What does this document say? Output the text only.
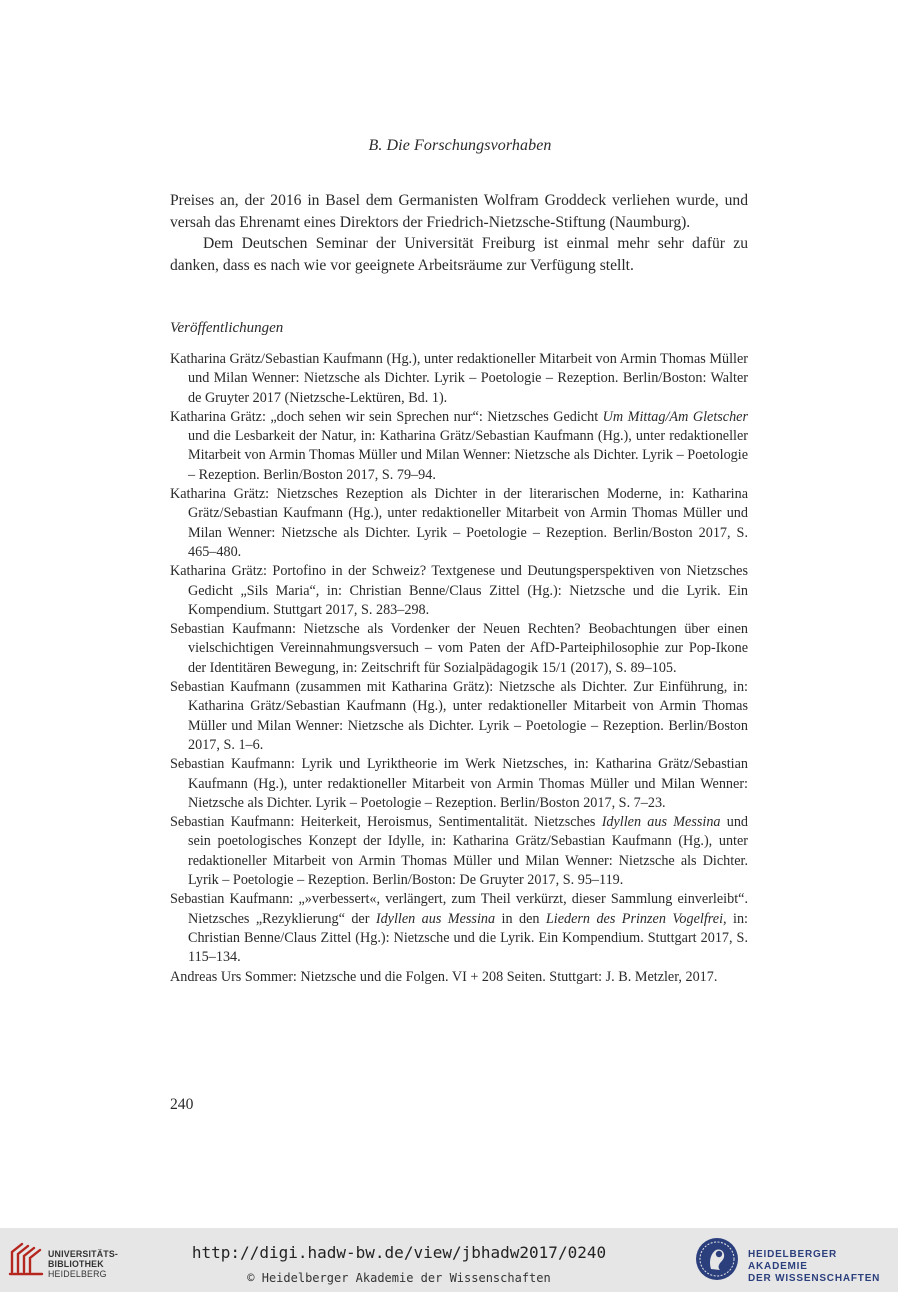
B. Die Forschungsvorhaben

Preises an, der 2016 in Basel dem Germanisten Wolfram Groddeck verliehen wurde, und versah das Ehrenamt eines Direktors der Friedrich-Nietzsche-Stiftung (Naumburg).

Dem Deutschen Seminar der Universität Freiburg ist einmal mehr sehr dafür zu danken, dass es nach wie vor geeignete Arbeitsräume zur Verfügung stellt.

Veröffentlichungen

Katharina Grätz/Sebastian Kaufmann (Hg.), unter redaktioneller Mitarbeit von Armin Thomas Müller und Milan Wenner: Nietzsche als Dichter. Lyrik – Poetologie – Rezeption. Berlin/Boston: Walter de Gruyter 2017 (Nietzsche-Lektüren, Bd. 1).

Katharina Grätz: „doch sehen wir sein Sprechen nur“: Nietzsches Gedicht Um Mittag/Am Gletscher und die Lesbarkeit der Natur, in: Katharina Grätz/Sebastian Kaufmann (Hg.), unter redaktioneller Mitarbeit von Armin Thomas Müller und Milan Wenner: Nietzsche als Dichter. Lyrik – Poetologie – Rezeption. Berlin/Boston 2017, S. 79–94.

Katharina Grätz: Nietzsches Rezeption als Dichter in der literarischen Moderne, in: Katharina Grätz/Sebastian Kaufmann (Hg.), unter redaktioneller Mitarbeit von Armin Thomas Müller und Milan Wenner: Nietzsche als Dichter. Lyrik – Poetologie – Rezeption. Berlin/Boston 2017, S. 465–480.

Katharina Grätz: Portofino in der Schweiz? Textgenese und Deutungsperspektiven von Nietzsches Gedicht „Sils Maria“, in: Christian Benne/Claus Zittel (Hg.): Nietzsche und die Lyrik. Ein Kompendium. Stuttgart 2017, S. 283–298.

Sebastian Kaufmann: Nietzsche als Vordenker der Neuen Rechten? Beobachtungen über einen vielschichtigen Vereinnahmungsversuch – vom Paten der AfD-Parteiphilosophie zur Pop-Ikone der Identitären Bewegung, in: Zeitschrift für Sozialpädagogik 15/1 (2017), S. 89–105.

Sebastian Kaufmann (zusammen mit Katharina Grätz): Nietzsche als Dichter. Zur Einführung, in: Katharina Grätz/Sebastian Kaufmann (Hg.), unter redaktioneller Mitarbeit von Armin Thomas Müller und Milan Wenner: Nietzsche als Dichter. Lyrik – Poetologie – Rezeption. Berlin/Boston 2017, S. 1–6.

Sebastian Kaufmann: Lyrik und Lyriktheorie im Werk Nietzsches, in: Katharina Grätz/Sebastian Kaufmann (Hg.), unter redaktioneller Mitarbeit von Armin Thomas Müller und Milan Wenner: Nietzsche als Dichter. Lyrik – Poetologie – Rezeption. Berlin/Boston 2017, S. 7–23.

Sebastian Kaufmann: Heiterkeit, Heroismus, Sentimentalität. Nietzsches Idyllen aus Messina und sein poetologisches Konzept der Idylle, in: Katharina Grätz/Sebastian Kaufmann (Hg.), unter redaktioneller Mitarbeit von Armin Thomas Müller und Milan Wenner: Nietzsche als Dichter. Lyrik – Poetologie – Rezeption. Berlin/Boston: De Gruyter 2017, S. 95–119.

Sebastian Kaufmann: „»verbessert«, verlängert, zum Theil verkürzt, dieser Sammlung einverleibt“. Nietzsches „Rezyklierung“ der Idyllen aus Messina in den Liedern des Prinzen Vogelfrei, in: Christian Benne/Claus Zittel (Hg.): Nietzsche und die Lyrik. Ein Kompendium. Stuttgart 2017, S. 115–134.

Andreas Urs Sommer: Nietzsche und die Folgen. VI + 208 Seiten. Stuttgart: J. B. Metzler, 2017.

240
UNIVERSITÄTS-
BIBLIOTHEK
HEIDELBERG
HEIDELBERGER AKADEMIE
DER WISSENSCHAFTEN
http://digi.hadw-bw.de/view/jbhadw2017/0240
© Heidelberger Akademie der Wissenschaften
